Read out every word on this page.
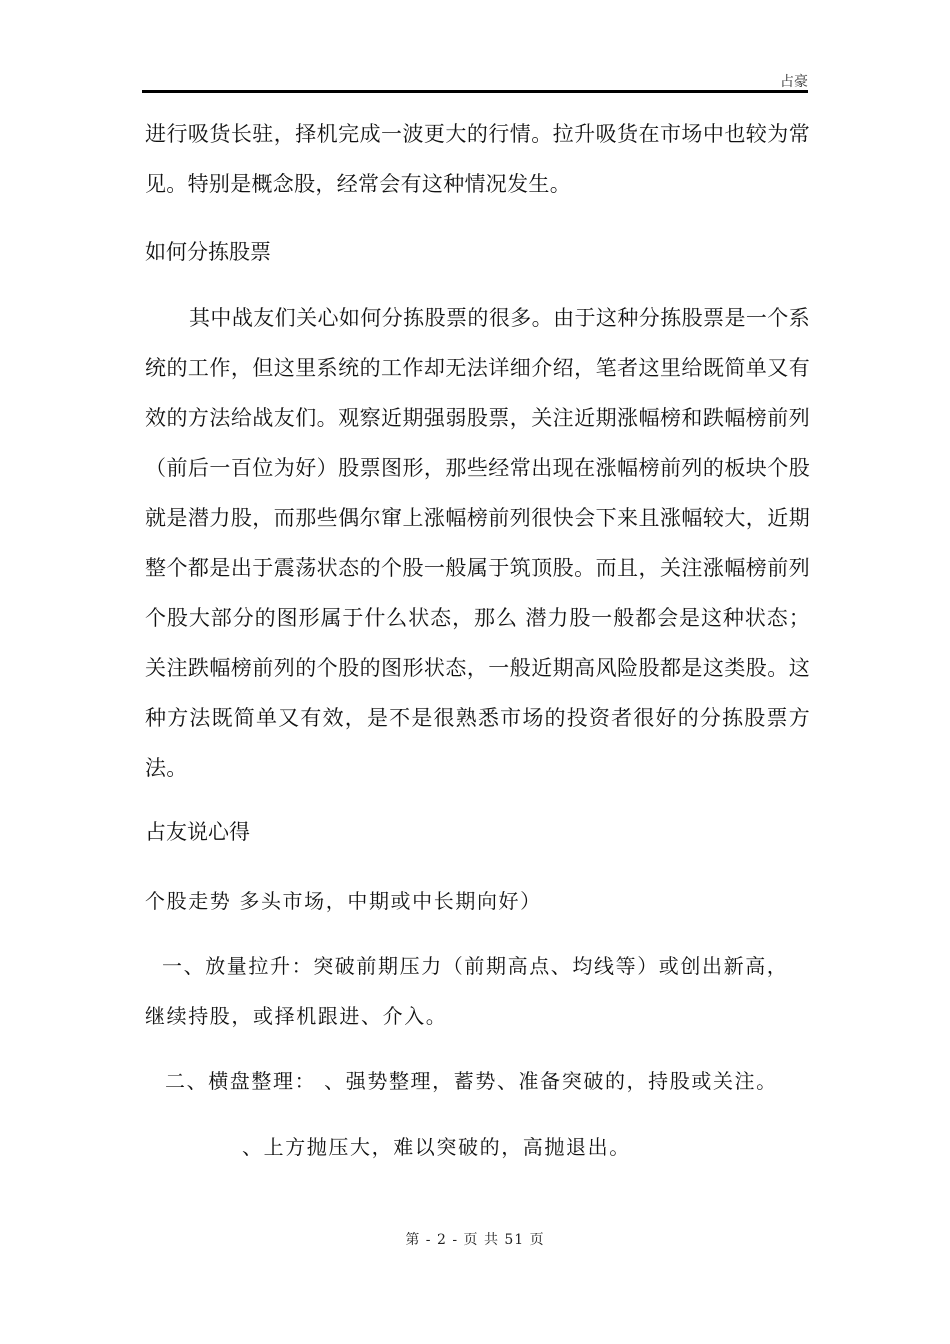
占豪

进行吸货长驻，择机完成一波更大的行情。拉升吸货在市场中也较为常见。特别是概念股，经常会有这种情况发生。

如何分拣股票

其中战友们关心如何分拣股票的很多。由于这种分拣股票是一个系统的工作，但这里系统的工作却无法详细介绍，笔者这里给既简单又有效的方法给战友们。观察近期强弱股票，关注近期涨幅榜和跌幅榜前列（前后一百位为好）股票图形，那些经常出现在涨幅榜前列的板块个股就是潜力股，而那些偶尔窜上涨幅榜前列很快会下来且涨幅较大，近期整个都是出于震荡状态的个股一般属于筑顶股。而且，关注涨幅榜前列个股大部分的图形属于什么状态，那么 潜力股一般都会是这种状态；关注跌幅榜前列的个股的图形状态，一般近期高风险股都是这类股。这种方法既简单又有效，是不是很熟悉市场的投资者很好的分拣股票方法。

占友说心得

个股走势 多头市场，中期或中长期向好）

一、放量拉升：突破前期压力（前期高点、均线等）或创出新高，

继续持股，或择机跟进、介入。

二、横盘整理： 、强势整理，蓄势、准备突破的，持股或关注。

、上方抛压大，难以突破的，高抛退出。

第 - 2 - 页 共 51 页
